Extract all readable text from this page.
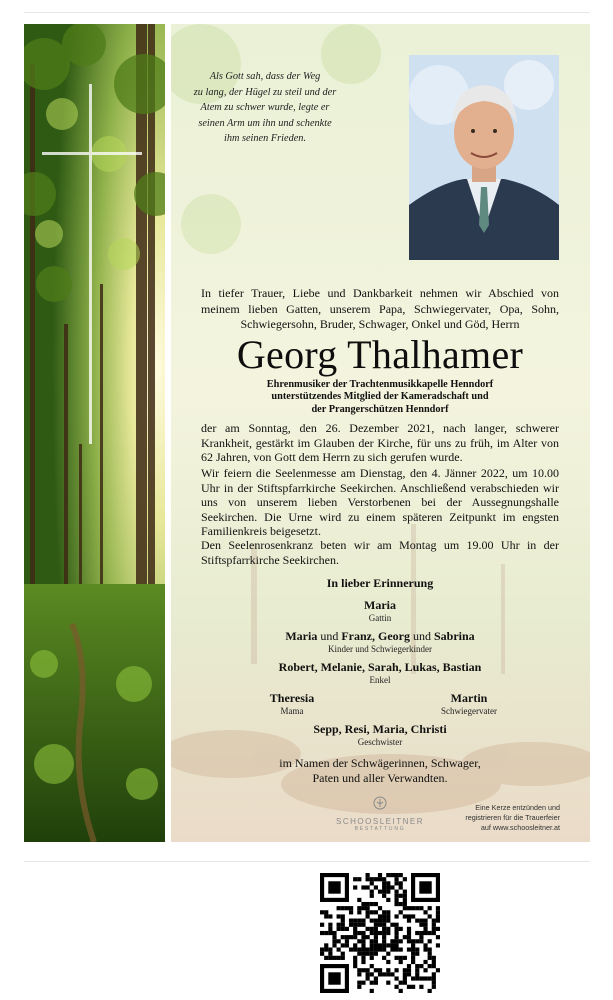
Als Gott sah, dass der Weg
zu lang, der Hügel zu steil und der
Atem zu schwer wurde, legte er
seinen Arm um ihn und schenkte
ihm seinen Frieden.
In tiefer Trauer, Liebe und Dankbarkeit nehmen wir Abschied von meinem lieben Gatten, unserem Papa, Schwiegervater, Opa, Sohn, Schwiegersohn, Bruder, Schwager, Onkel und Göd, Herrn
Georg Thalhamer
Ehrenmusiker der Trachtenmusikkapelle Henndorf
unterstützendes Mitglied der Kameradschaft und
der Prangerschützen Henndorf
der am Sonntag, den 26. Dezember 2021, nach langer, schwerer Krankheit, gestärkt im Glauben der Kirche, für uns zu früh, im Alter von 62 Jahren, von Gott dem Herrn zu sich gerufen wurde.
Wir feiern die Seelenmesse am Dienstag, den 4. Jänner 2022, um 10.00 Uhr in der Stiftspfarrkirche Seekirchen. Anschließend verabschieden wir uns von unserem lieben Verstorbenen bei der Aussegnungshalle Seekirchen. Die Urne wird zu einem späteren Zeitpunkt im engsten Familienkreis beigesetzt.
Den Seelenrosenkranz beten wir am Montag um 19.00 Uhr in der Stiftspfarrkirche Seekirchen.
In lieber Erinnerung
Maria
Gattin
Maria und Franz, Georg und Sabrina
Kinder und Schwiegerkinder
Robert, Melanie, Sarah, Lukas, Bastian
Enkel
Theresia
Mama
Martin
Schwiegervater
Sepp, Resi, Maria, Christi
Geschwister
im Namen der Schwägerinnen, Schwager,
Paten und aller Verwandten.
SCHOOSLEITNER
BESTATTUNG
Eine Kerze entzünden und
registrieren für die Trauerfeier
auf www.schoosleitner.at
